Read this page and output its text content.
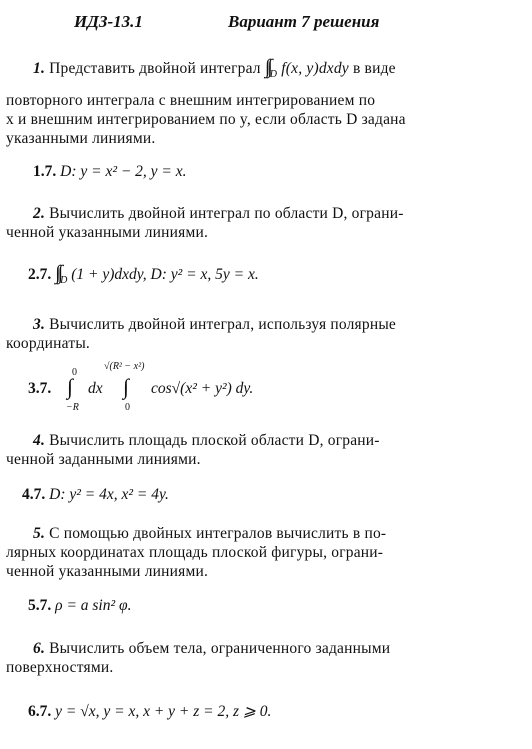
ИДЗ-13.1	Вариант 7 решения
1. Представить двойной интеграл $\int\int_D$ f(x, y)dxdy в виде
повторного интеграла с внешним интегрированием по
x и внешним интегрированием по y, если область D задана
указанными линиями.
1.7. D: y = x² − 2, y = x.
2. Вычислить двойной интеграл по области D, ограни-
ченной указанными линиями.
2.7. $\int\int_D$ (1 + y)dxdy, D: y² = x, 5y = x.
3. Вычислить двойной интеграл, используя полярные
координаты.
3.7.
0
∫
−R
dx
√(R² − x²)
∫
0
cos√(x² + y²) dy.
4. Вычислить площадь плоской области D, ограни-
ченной заданными линиями.
4.7. D: y² = 4x, x² = 4y.
5. С помощью двойных интегралов вычислить в по-
лярных координатах площадь плоской фигуры, ограни-
ченной указанными линиями.
5.7. ρ = a sin² φ.
6. Вычислить объем тела, ограниченного заданными
поверхностями.
6.7. y = √x, y = x, x + y + z = 2, z ⩾ 0.
